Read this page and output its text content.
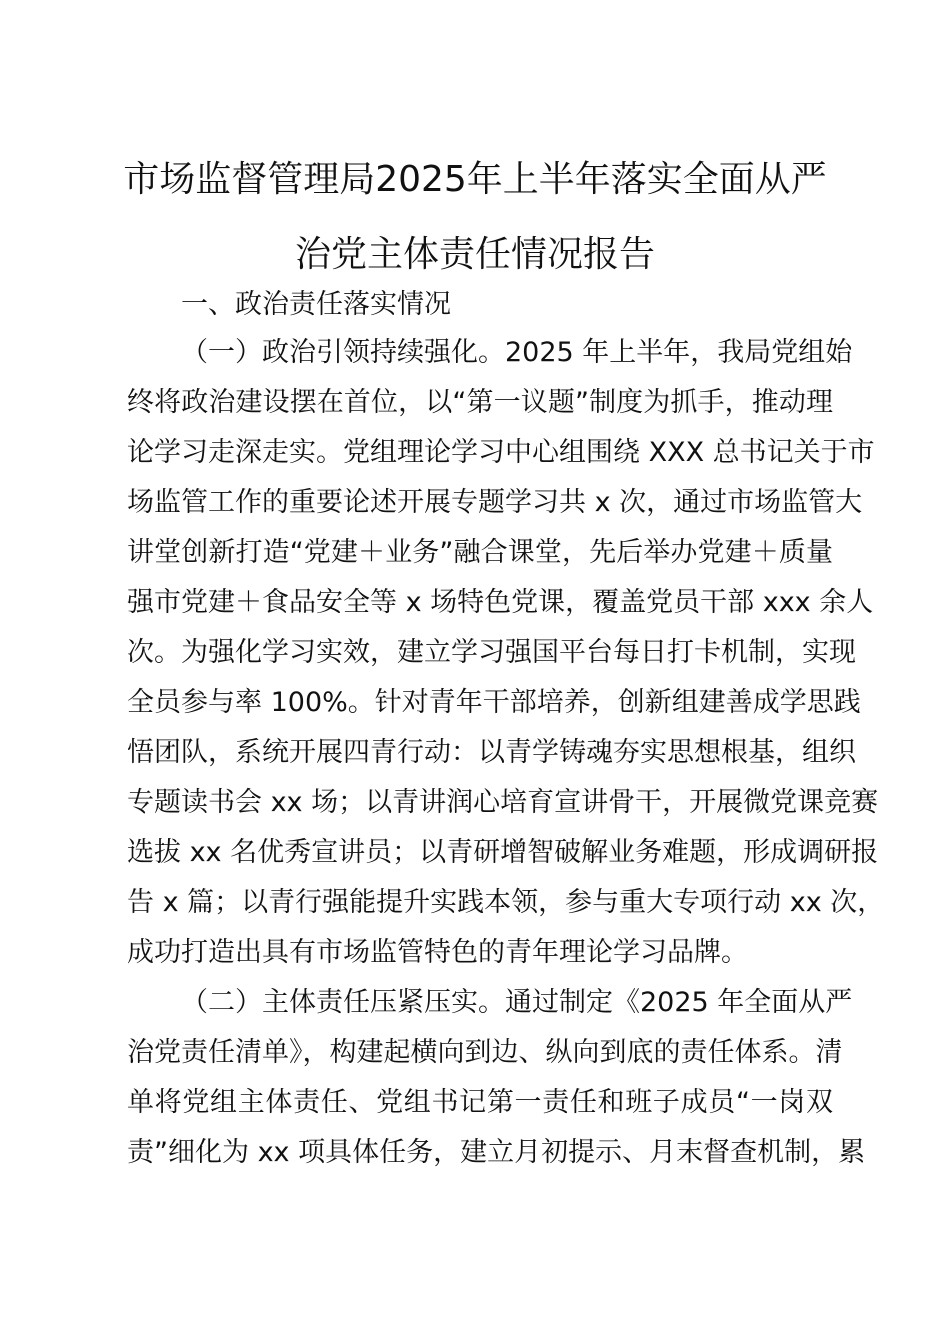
市场监督管理局2025年上半年落实全面从严
治党主体责任情况报告
一、政治责任落实情况
（一）政治引领持续强化。2025 年上半年，我局党组始
终将政治建设摆在首位，以“第一议题”制度为抓手，推动理
论学习走深走实。党组理论学习中心组围绕 XXX 总书记关于市
场监管工作的重要论述开展专题学习共 x 次，通过市场监管大
讲堂创新打造“党建＋业务”融合课堂，先后举办党建＋质量
强市党建＋食品安全等 x 场特色党课，覆盖党员干部 xxx 余人
次。为强化学习实效，建立学习强国平台每日打卡机制，实现
全员参与率 100%。针对青年干部培养，创新组建善成学思践
悟团队，系统开展四青行动：以青学铸魂夯实思想根基，组织
专题读书会 xx 场；以青讲润心培育宣讲骨干，开展微党课竞赛
选拔 xx 名优秀宣讲员；以青研增智破解业务难题，形成调研报
告 x 篇；以青行强能提升实践本领，参与重大专项行动 xx 次，
成功打造出具有市场监管特色的青年理论学习品牌。
（二）主体责任压紧压实。通过制定《2025 年全面从严
治党责任清单》，构建起横向到边、纵向到底的责任体系。清
单将党组主体责任、党组书记第一责任和班子成员“一岗双
责”细化为 xx 项具体任务，建立月初提示、月末督查机制，累
